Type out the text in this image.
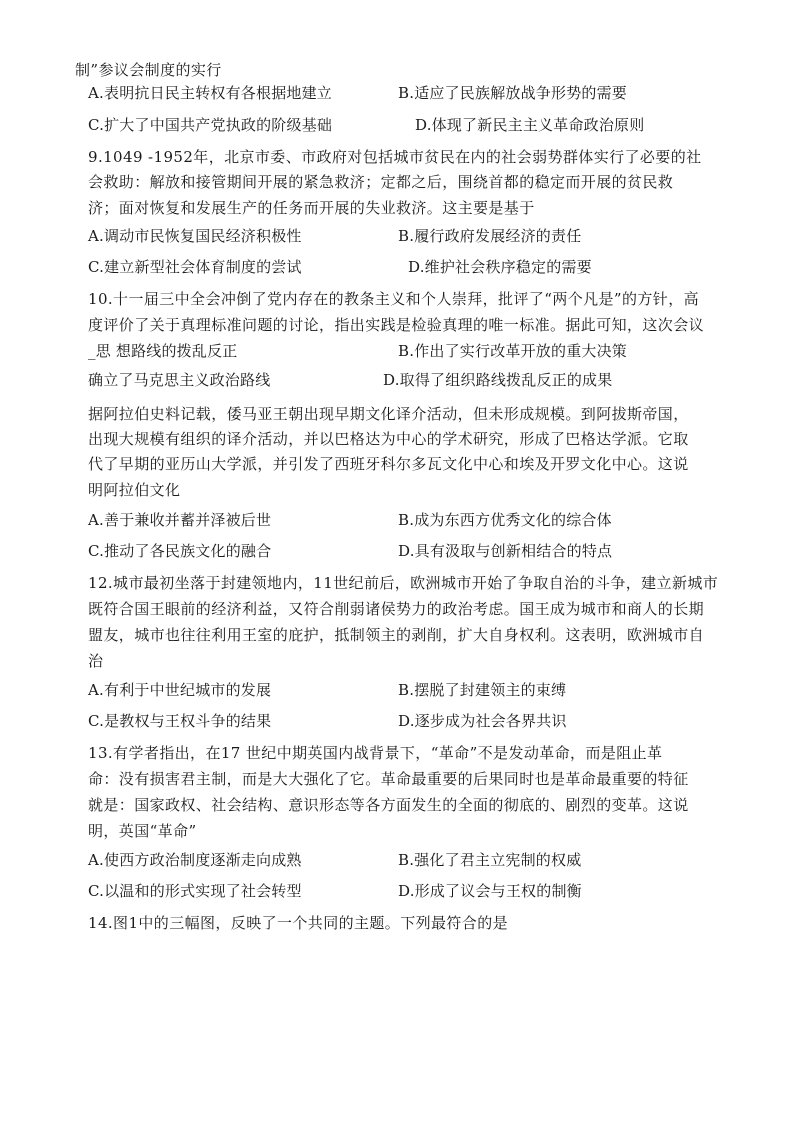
制”参议会制度的实行
A.表明抗日民主转权有各根据地建立	B.适应了民族解放战争形势的需要
C.扩大了中国共产党执政的阶级基础	D.体现了新民主主义革命政治原则
9.1049 -1952年，北京市委、市政府对包括城市贫民在内的社会弱势群体实行了必要的社
会救助：解放和接管期间开展的紧急救济；定都之后，围绕首都的稳定而开展的贫民救
济；面对恢复和发展生产的任务而开展的失业救济。这主要是基于
A.调动市民恢复国民经济积极性	B.履行政府发展经济的责任
C.建立新型社会体育制度的尝试	D.维护社会秩序稳定的需要
10.十一届三中全会冲倒了党内存在的教条主义和个人崇拜，批评了“两个凡是”的方针，高
度评价了关于真理标准问题的讨论，指出实践是检验真理的唯一标准。据此可知，这次会议
_思 想路线的拨乱反正	B.作出了实行改革开放的重大决策
确立了马克思主义政治路线	D.取得了组织路线拨乱反正的成果
据阿拉伯史料记载，倭马亚王朝出现早期文化译介活动，但未形成规模。到阿拔斯帝国，
出现大规模有组织的译介活动，并以巴格达为中心的学术研究，形成了巴格达学派。它取
代了早期的亚历山大学派，并引发了西班牙科尔多瓦文化中心和埃及开罗文化中心。这说
明阿拉伯文化
A.善于兼收并蓄并泽被后世	B.成为东西方优秀文化的综合体
C.推动了各民族文化的融合	D.具有汲取与创新相结合的特点
12.城市最初坐落于封建领地内，11世纪前后，欧洲城市开始了争取自治的斗争，建立新城市
既符合国王眼前的经济利益，又符合削弱诸侯势力的政治考虑。国王成为城市和商人的长期
盟友，城市也往往利用王室的庇护，抵制领主的剥削，扩大自身权利。这表明，欧洲城市自
治
A.有利于中世纪城市的发展	B.摆脱了封建领主的束缚
C.是教权与王权斗争的结果	D.逐步成为社会各界共识
13.有学者指出，在17 世纪中期英国内战背景下，“革命”不是发动革命，而是阻止革
命：没有损害君主制，而是大大强化了它。革命最重要的后果同时也是革命最重要的特征
就是：国家政权、社会结构、意识形态等各方面发生的全面的彻底的、剧烈的变革。这说
明，英国“革命”
A.使西方政治制度逐渐走向成熟	B.强化了君主立宪制的权威
C.以温和的形式实现了社会转型	D.形成了议会与王权的制衡
14.图1中的三幅图，反映了一个共同的主题。下列最符合的是
